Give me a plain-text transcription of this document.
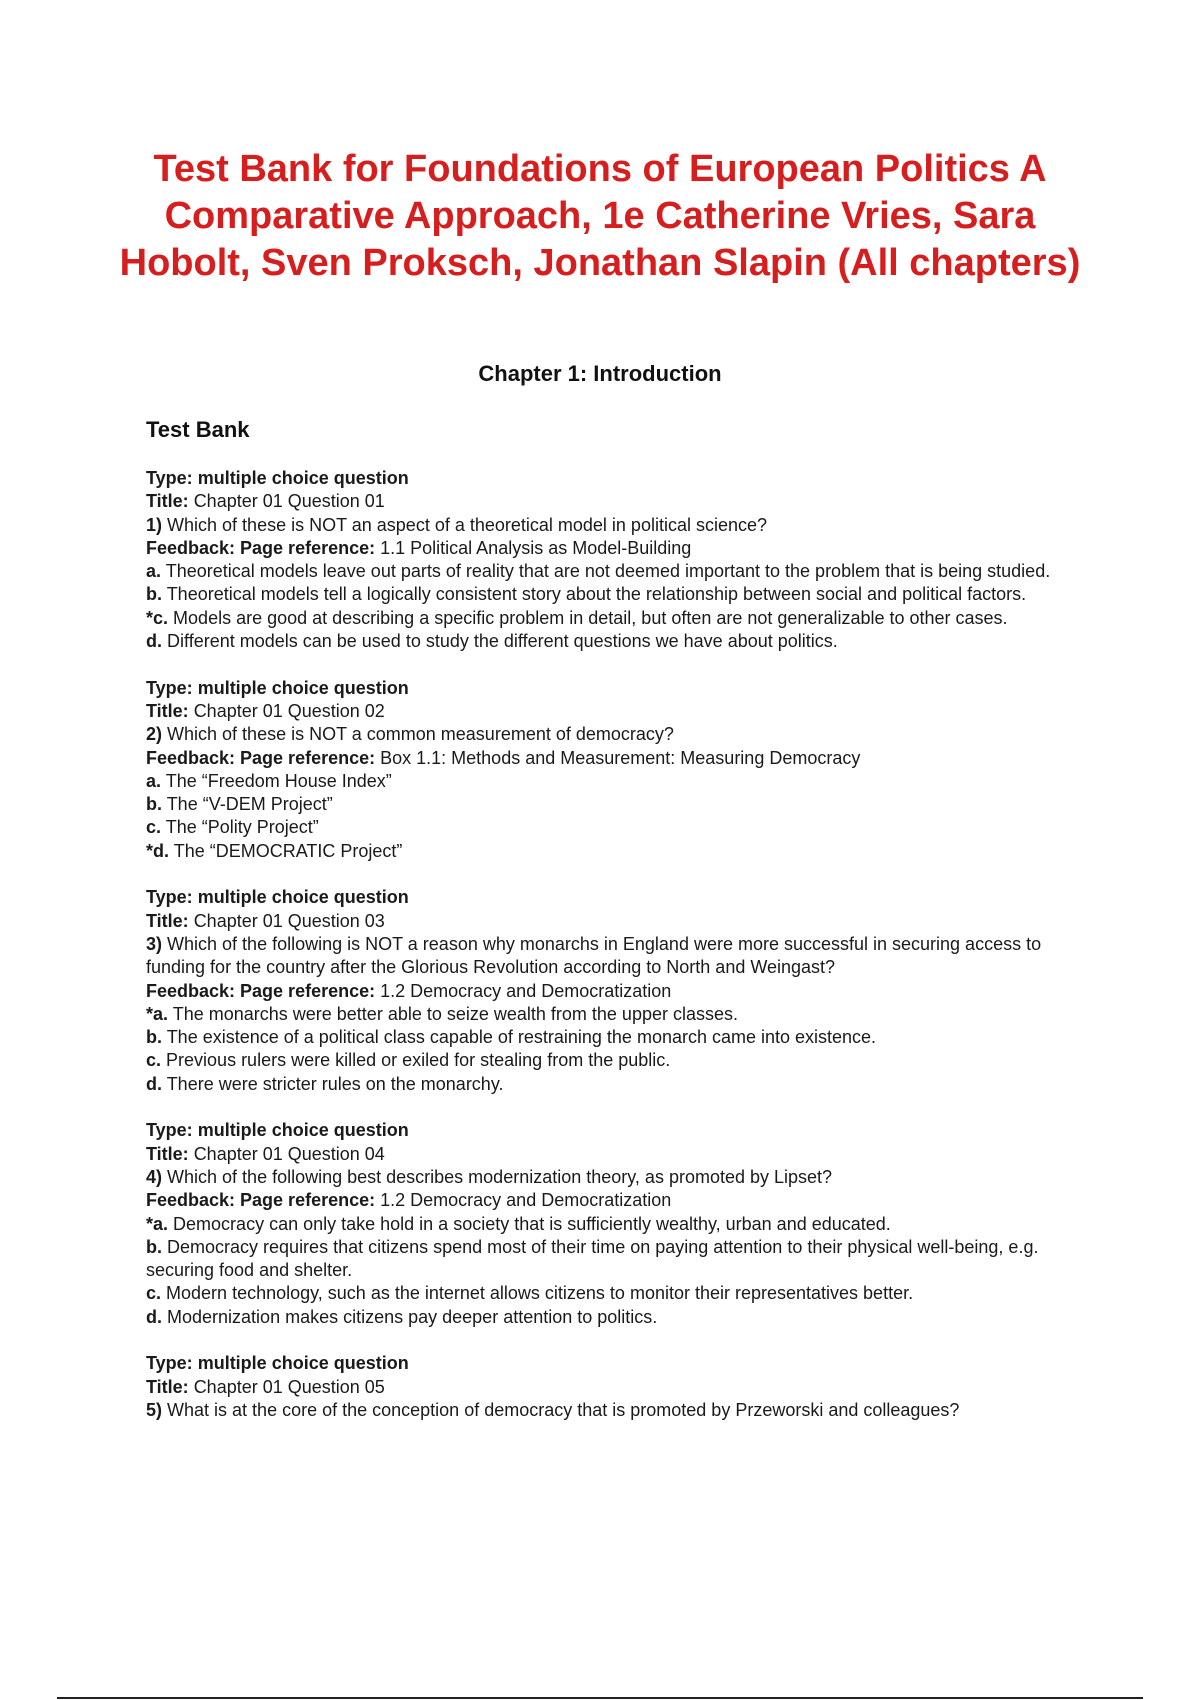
Test Bank for Foundations of European Politics A Comparative Approach, 1e Catherine Vries, Sara Hobolt, Sven Proksch, Jonathan Slapin (All chapters)
Chapter 1: Introduction
Test Bank
Type: multiple choice question
Title: Chapter 01 Question 01
1) Which of these is NOT an aspect of a theoretical model in political science?
Feedback: Page reference: 1.1 Political Analysis as Model-Building
a. Theoretical models leave out parts of reality that are not deemed important to the problem that is being studied.
b. Theoretical models tell a logically consistent story about the relationship between social and political factors.
*c. Models are good at describing a specific problem in detail, but often are not generalizable to other cases.
d. Different models can be used to study the different questions we have about politics.
Type: multiple choice question
Title: Chapter 01 Question 02
2) Which of these is NOT a common measurement of democracy?
Feedback: Page reference: Box 1.1: Methods and Measurement: Measuring Democracy
a. The “Freedom House Index”
b. The “V-DEM Project”
c. The “Polity Project”
*d. The “DEMOCRATIC Project”
Type: multiple choice question
Title: Chapter 01 Question 03
3) Which of the following is NOT a reason why monarchs in England were more successful in securing access to funding for the country after the Glorious Revolution according to North and Weingast?
Feedback: Page reference: 1.2 Democracy and Democratization
*a. The monarchs were better able to seize wealth from the upper classes.
b. The existence of a political class capable of restraining the monarch came into existence.
c. Previous rulers were killed or exiled for stealing from the public.
d. There were stricter rules on the monarchy.
Type: multiple choice question
Title: Chapter 01 Question 04
4) Which of the following best describes modernization theory, as promoted by Lipset?
Feedback: Page reference: 1.2 Democracy and Democratization
*a. Democracy can only take hold in a society that is sufficiently wealthy, urban and educated.
b. Democracy requires that citizens spend most of their time on paying attention to their physical well-being, e.g. securing food and shelter.
c. Modern technology, such as the internet allows citizens to monitor their representatives better.
d. Modernization makes citizens pay deeper attention to politics.
Type: multiple choice question
Title: Chapter 01 Question 05
5) What is at the core of the conception of democracy that is promoted by Przeworski and colleagues?
